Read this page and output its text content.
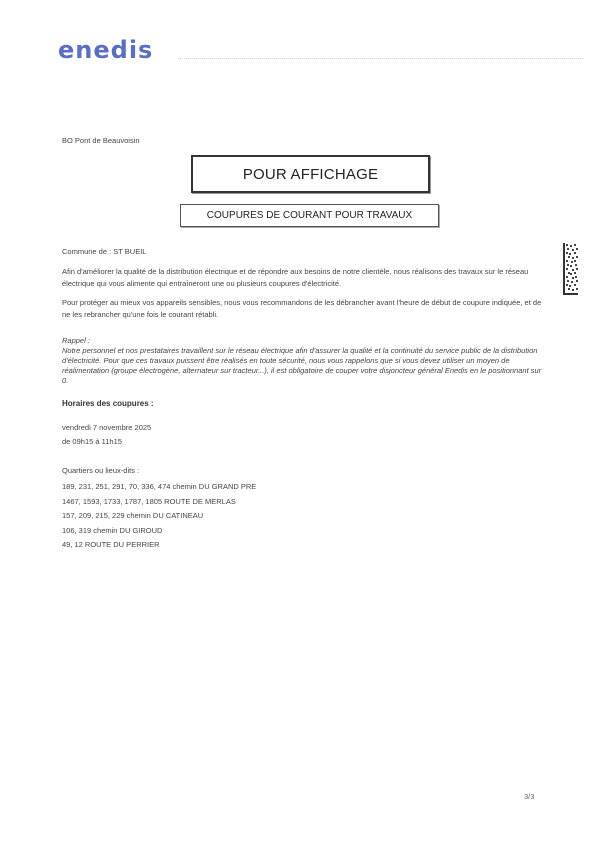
enedis
BO Pont de Beauvoisin
POUR AFFICHAGE
COUPURES DE COURANT POUR TRAVAUX
Commune de : ST BUEIL
Afin d'améliorer la qualité de la distribution électrique et de répondre aux besoins de notre clientèle, nous réalisons des travaux sur le réseau électrique qui vous alimente qui entraîneront une ou plusieurs coupures d'électricité.
Pour protéger au mieux vos appareils sensibles, nous vous recommandons de les débrancher avant l'heure de début de coupure indiquée, et de ne les rebrancher qu'une fois le courant rétabli.
Rappel :
Notre personnel et nos prestataires travaillent sur le réseau électrique afin d'assurer la qualité et la continuité du service public de la distribution d'électricité. Pour que ces travaux puissent être réalisés en toute sécurité, nous vous rappelons que si vous devez utiliser un moyen de réalimentation (groupe électrogène, alternateur sur tracteur...), il est obligatoire de couper votre disjoncteur général Enedis en le positionnant sur 0.
Horaires des coupures :
vendredi 7 novembre 2025
de 09h15 à 11h15
Quartiers ou lieux-dits :
189, 231, 251, 291, 70, 336, 474 chemin DU GRAND PRE
1467, 1593, 1733, 1787, 1805 ROUTE DE MERLAS
157, 209, 215, 229 chemin DU CATINEAU
106, 319 chemin DU GIROUD
49, 12 ROUTE DU PERRIER
3/3
